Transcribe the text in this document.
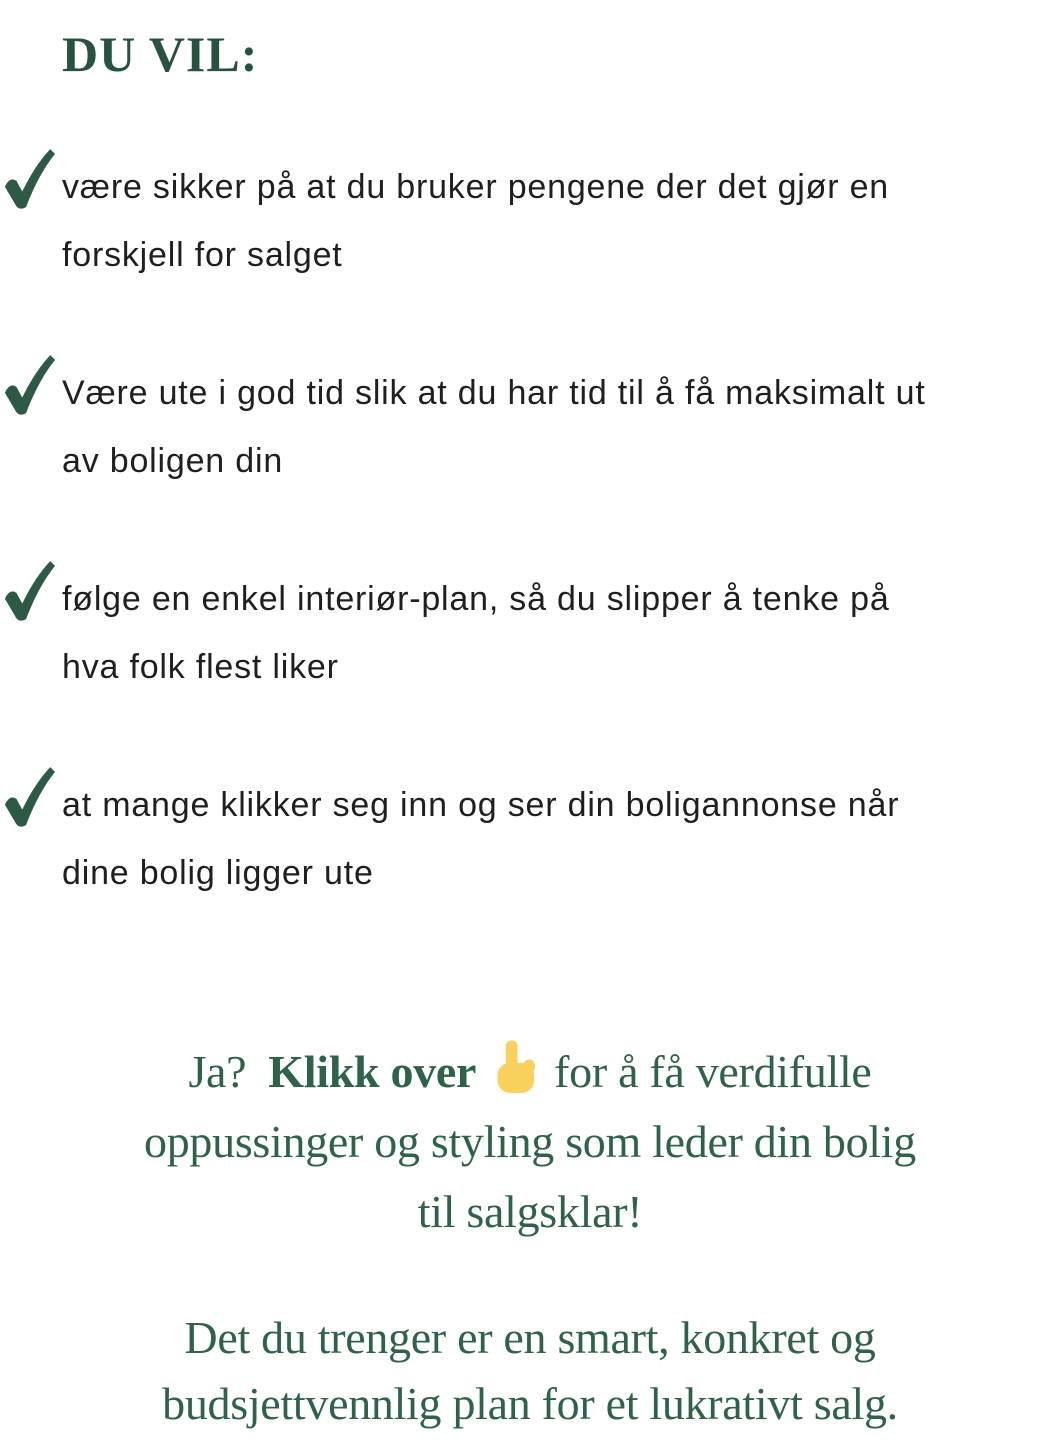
DU VIL:
være sikker på at du bruker pengene der det gjør en
forskjell for salget
Være ute i god tid slik at du har tid til å få maksimalt ut
av boligen din
følge en enkel interiør-plan, så du slipper å tenke på
hva folk flest liker
at mange klikker seg inn og ser din boligannonse når
dine bolig ligger ute

Ja? Klikk over for å få verdifulle
oppussinger og styling som leder din bolig
til salgsklar!

Det du trenger er en smart, konkret og
budsjettvennlig plan for et lukrativt salg.
